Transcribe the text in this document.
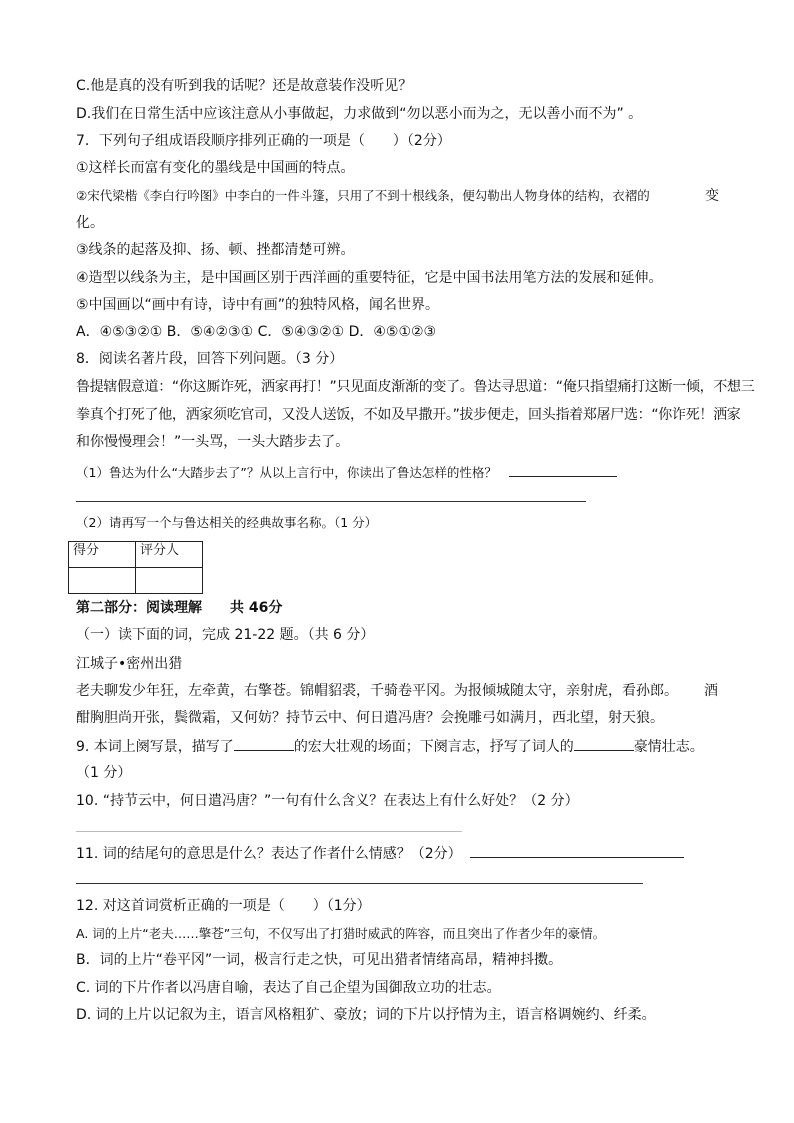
C.他是真的没有听到我的话呢？还是故意装作没听见？
D.我们在日常生活中应该注意从小事做起，力求做到“勿以恶小而为之，无以善小而不为” 。
7．下列句子组成语段顺序排列正确的一项是（　　）（2分）
①这样长而富有变化的墨线是中国画的特点。
②宋代梁楷《李白行吟图》中李白的一件斗篷，只用了不到十根线条，便勾勒出人物身体的结构，衣褶的	变
化。
③线条的起落及抑、扬、顿、挫都清楚可辨。
④造型以线条为主，是中国画区别于西洋画的重要特征，它是中国书法用笔方法的发展和延伸。
⑤中国画以“画中有诗，诗中有画”的独特风格，闻名世界。
A．④⑤③②① B．⑤④②③① C．⑤④③②① D．④⑤①②③
8．阅读名著片段，回答下列问题。（3 分）
鲁提辖假意道：“你这厮诈死，洒家再打！”只见面皮渐渐的变了。鲁达寻思道：“俺只指望痛打这断一倾，不想三
拳真个打死了他，洒家须吃官司，又没人送饭，不如及早撒开。”拔步便走，回头指着郑屠尸选：“你诈死！洒家
和你慢慢理会！”一头骂，一头大踏步去了。
（1）鲁达为什么“大踏步去了”？从以上言行中，你读出了鲁达怎样的性格？
（2）请再写一个与鲁达相关的经典故事名称。（1 分）
得分	评分人

第二部分：阅读理解　　共 46分
（一）读下面的词，完成 21-22 题。（共 6 分）
江城子•密州出猎
老夫聊发少年狂，左牵黄，右擎苍。锦帽貂裘，千骑卷平冈。为报倾城随太守，亲射虎，看孙郎。 酒
酣胸胆尚开张，鬓微霜，又何妨？持节云中、何日遣冯唐？会挽雕弓如满月，西北望，射天狼。
9. 本词上阕写景，描写了	的宏大壮观的场面；下阕言志，抒写了词人的	豪情壮志。
（1 分）
10. “持节云中，何日遣冯唐？”一句有什么含义？在表达上有什么好处？（2 分）
11. 词的结尾句的意思是什么？表达了作者什么情感？（2分）
12. 对这首词赏析正确的一项是（　　）（1分）
A. 词的上片“老夫……擎苍”三句，不仅写出了打猎时威武的阵容，而且突出了作者少年的豪情。
B．词的上片“卷平冈”一词，极言行走之快，可见出猎者情绪高昂，精神抖擞。
C. 词的下片作者以冯唐自喻，表达了自己企望为国御敌立功的壮志。
D. 词的上片以记叙为主，语言风格粗犷、豪放；词的下片以抒情为主，语言格调婉约、纤柔。
